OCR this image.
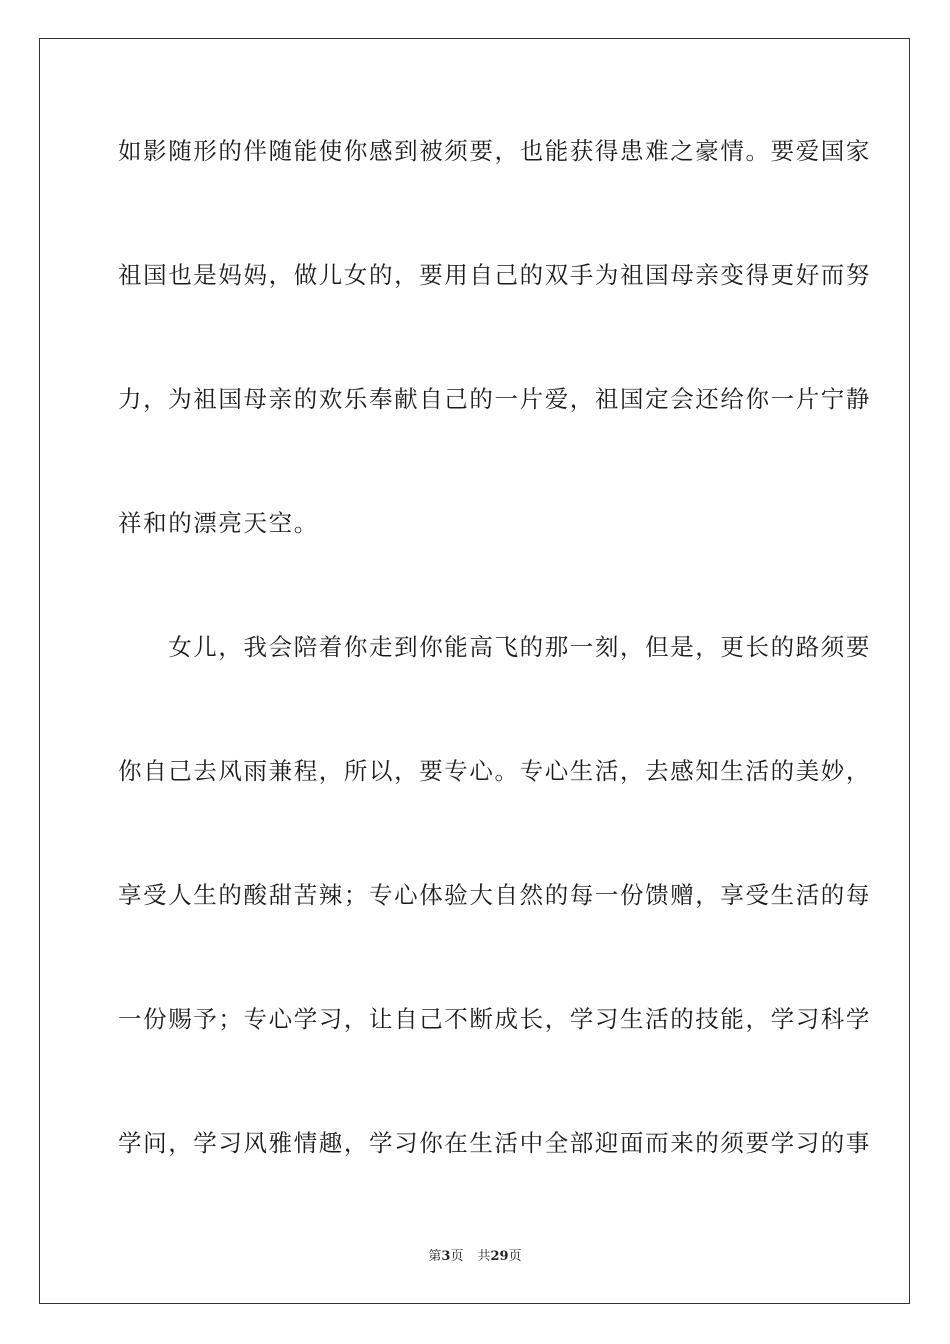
如影随形的伴随能使你感到被须要，也能获得患难之豪情。要爱国家
祖国也是妈妈，做儿女的，要用自己的双手为祖国母亲变得更好而努
力，为祖国母亲的欢乐奉献自己的一片爱，祖国定会还给你一片宁静
祥和的漂亮天空。
　　女儿，我会陪着你走到你能高飞的那一刻，但是，更长的路须要
你自己去风雨兼程，所以，要专心。专心生活，去感知生活的美妙，
享受人生的酸甜苦辣；专心体验大自然的每一份馈赠，享受生活的每
一份赐予；专心学习，让自己不断成长，学习生活的技能，学习科学
学问，学习风雅情趣，学习你在生活中全部迎面而来的须要学习的事
第3页 共29页
